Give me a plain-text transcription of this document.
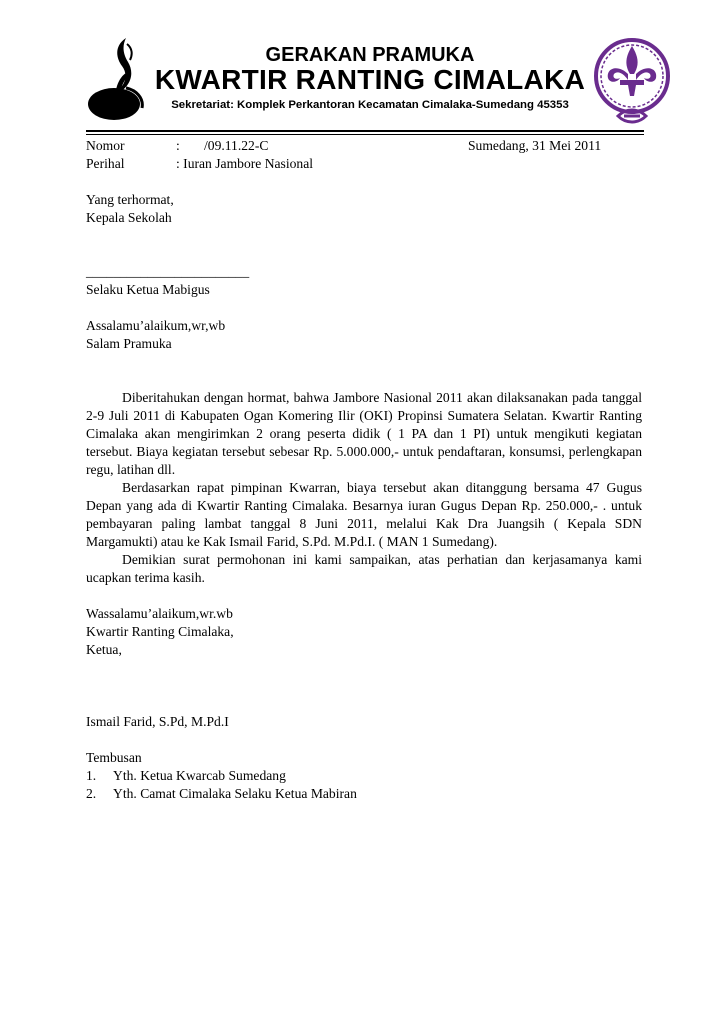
GERAKAN PRAMUKA
KWARTIR RANTING CIMALAKA
Sekretariat: Komplek Perkantoran Kecamatan Cimalaka-Sumedang 45353
Nomor	: /09.11.22-C	Sumedang, 31 Mei 2011
Perihal	: Iuran Jambore Nasional
Yang terhormat,
Kepala Sekolah
________________________
Selaku Ketua Mabigus
Assalamu’alaikum,wr,wb
Salam Pramuka

Diberitahukan dengan hormat, bahwa Jambore Nasional 2011 akan dilaksanakan pada tanggal 2-9 Juli 2011 di Kabupaten Ogan Komering Ilir (OKI) Propinsi Sumatera Selatan. Kwartir Ranting Cimalaka akan mengirimkan 2 orang peserta didik ( 1 PA dan 1 PI) untuk mengikuti kegiatan tersebut. Biaya kegiatan tersebut sebesar Rp. 5.000.000,- untuk pendaftaran, konsumsi, perlengkapan regu, latihan dll.

Berdasarkan rapat pimpinan Kwarran, biaya tersebut akan ditanggung bersama 47 Gugus Depan yang ada di Kwartir Ranting Cimalaka. Besarnya iuran Gugus Depan Rp. 250.000,- . untuk pembayaran paling lambat tanggal 8 Juni 2011, melalui Kak Dra Juangsih ( Kepala SDN Margamukti) atau ke Kak Ismail Farid, S.Pd. M.Pd.I. ( MAN 1 Sumedang).

Demikian surat permohonan ini kami sampaikan, atas perhatian dan kerjasamanya kami ucapkan terima kasih.

Wassalamu’alaikum,wr.wb
Kwartir Ranting Cimalaka,
Ketua,
Ismail Farid, S.Pd, M.Pd.I
Tembusan
1. Yth. Ketua Kwarcab Sumedang
2. Yth. Camat Cimalaka Selaku Ketua Mabiran
